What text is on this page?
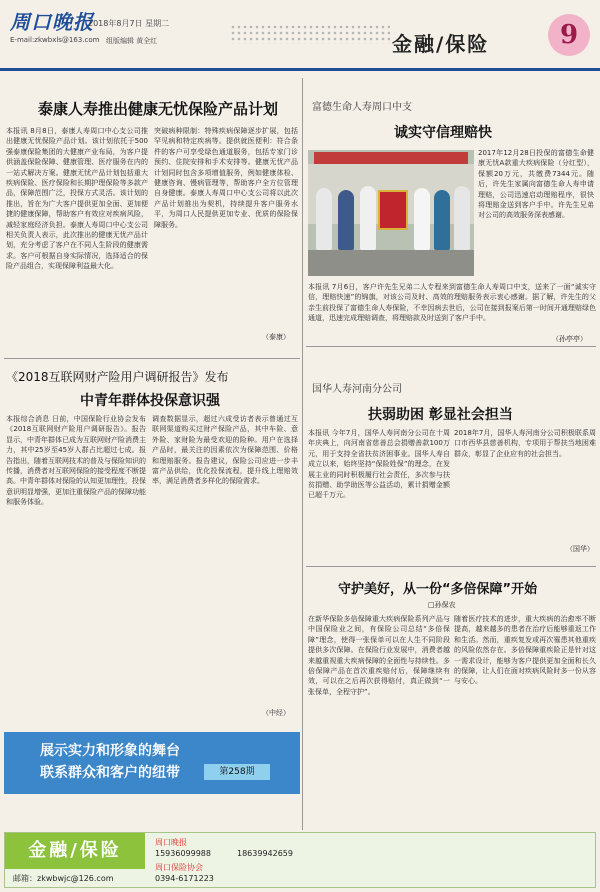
周口晚报
2018年8月7日 星期二
E-mail:zkwbxls@163.com 组版编辑 黄全红	金融/保险	9
泰康人寿推出健康无忧保险产品计划
本报讯 8月8日，泰康人寿周口中心支公司推出健康无忧保险产品计划。该计划依托于500强泰康保险集团的大健康产业布局，为客户提供涵盖保险保障、健康管理、医疗服务在内的一站式解决方案。健康无忧产品计划包括重大疾病保险、医疗保险和长期护理保险等多款产品，保障范围广泛，投保方式灵活。该计划的推出，旨在为广大客户提供更加全面、更加便捷的健康保障，帮助客户有效应对疾病风险，减轻家庭经济负担。泰康人寿周口中心支公司相关负责人表示，此次推出的健康无忧产品计划，充分考虑了客户在不同人生阶段的健康需求。客户可根据自身实际情况，选择适合的保险产品组合，实现保障利益最大化。
突破病种限制：特殊疾病保障逐步扩展，包括罕见病和特定疾病等。提供就医便利：符合条件的客户可享受绿色通道服务，包括专家门诊预约、住院安排和手术安排等。健康无忧产品计划同时包含多项增值服务，例如健康体检、健康咨询、慢病管理等，帮助客户全方位管理自身健康。泰康人寿周口中心支公司将以此次产品计划推出为契机，持续提升客户服务水平，为周口人民提供更加专业、优质的保险保障服务。
（泰康）
《2018互联网财产险用户调研报告》发布
中青年群体投保意识强
本报综合消息 日前，中国保险行业协会发布《2018互联网财产险用户调研报告》。报告显示，中青年群体已成为互联网财产险消费主力，其中25岁至45岁人群占比超过七成。报告指出，随着互联网技术的普及与保险知识的传播，消费者对互联网保险的接受程度不断提高。中青年群体对保险的认知更加理性，投保意识明显增强，更加注重保险产品的保障功能和服务体验。
调查数据显示，超过六成受访者表示曾通过互联网渠道购买过财产保险产品，其中车险、意外险、家财险为最受欢迎的险种。用户在选择产品时，最关注的因素依次为保障范围、价格和理赔服务。报告建议，保险公司应进一步丰富产品供给，优化投保流程，提升线上理赔效率，满足消费者多样化的保险需求。
（中经）
展示实力和形象的舞台
联系群众和客户的纽带	第258期
富德生命人寿周口中支
诚实守信理赔快
2017年12月28日投保的富德生命健康无忧A款重大疾病保险（分红型），保额20万元，共缴费7344元。随后，许先生家属向富德生命人寿申请理赔，公司迅速启动理赔程序，很快将理赔金送到客户手中。许先生兄弟对公司的高效服务深表感谢。
本报讯 7月6日，客户许先生兄弟二人专程来到富德生命人寿周口中支，送来了一面“诚实守信，理赔快速”的锦旗，对该公司及时、高效的理赔服务表示衷心感谢。据了解，许先生的父亲生前投保了富德生命人寿保险，不幸因病去世后，公司在接到报案后第一时间开通理赔绿色通道，迅速完成理赔调查，将理赔款及时送到了客户手中。
（孙亭亭）
国华人寿河南分公司
扶弱助困 彰显社会担当
本报讯 今年7月，国华人寿河南分公司在十周年庆典上，向河南省慈善总会捐赠善款100万元，用于支持全省扶贫济困事业。国华人寿自成立以来，始终坚持“保险姓保”的理念，在发展主业的同时积极履行社会责任，多次参与扶贫捐赠、助学助医等公益活动，累计捐赠金额已超千万元。
2018年7月，国华人寿河南分公司积极联系周口市西华县慈善机构，专项用于帮扶当地困难群众，彰显了企业应有的社会担当。
（国华）
守护美好，从一份“多倍保障”开始
□孙保农
在新华保险多倍保障重大疾病保险系列产品与中国保险业之间，有保险公司总结“多倍保障”理念，使得一张保单可以在人生不同阶段提供多次保障。在保险行业发展中，消费者越来越重视重大疾病保障的全面性与持续性。多倍保障产品在首次重疾赔付后，保障继续有效，可以在之后再次获得赔付，真正做到“一张保单，全程守护”。
随着医疗技术的进步，重大疾病的治愈率不断提高，越来越多的患者在治疗后能够重返工作和生活。然而，重疾复发或再次罹患其他重疾的风险依然存在。多倍保障重疾险正是针对这一需求设计，能够为客户提供更加全面和长久的保障，让人们在面对疾病风险时多一份从容与安心。
金融/保险
邮箱：zkwbwjc@126.com
周口晚报
15936099988	18639942659
周口保险协会
0394-6171223
